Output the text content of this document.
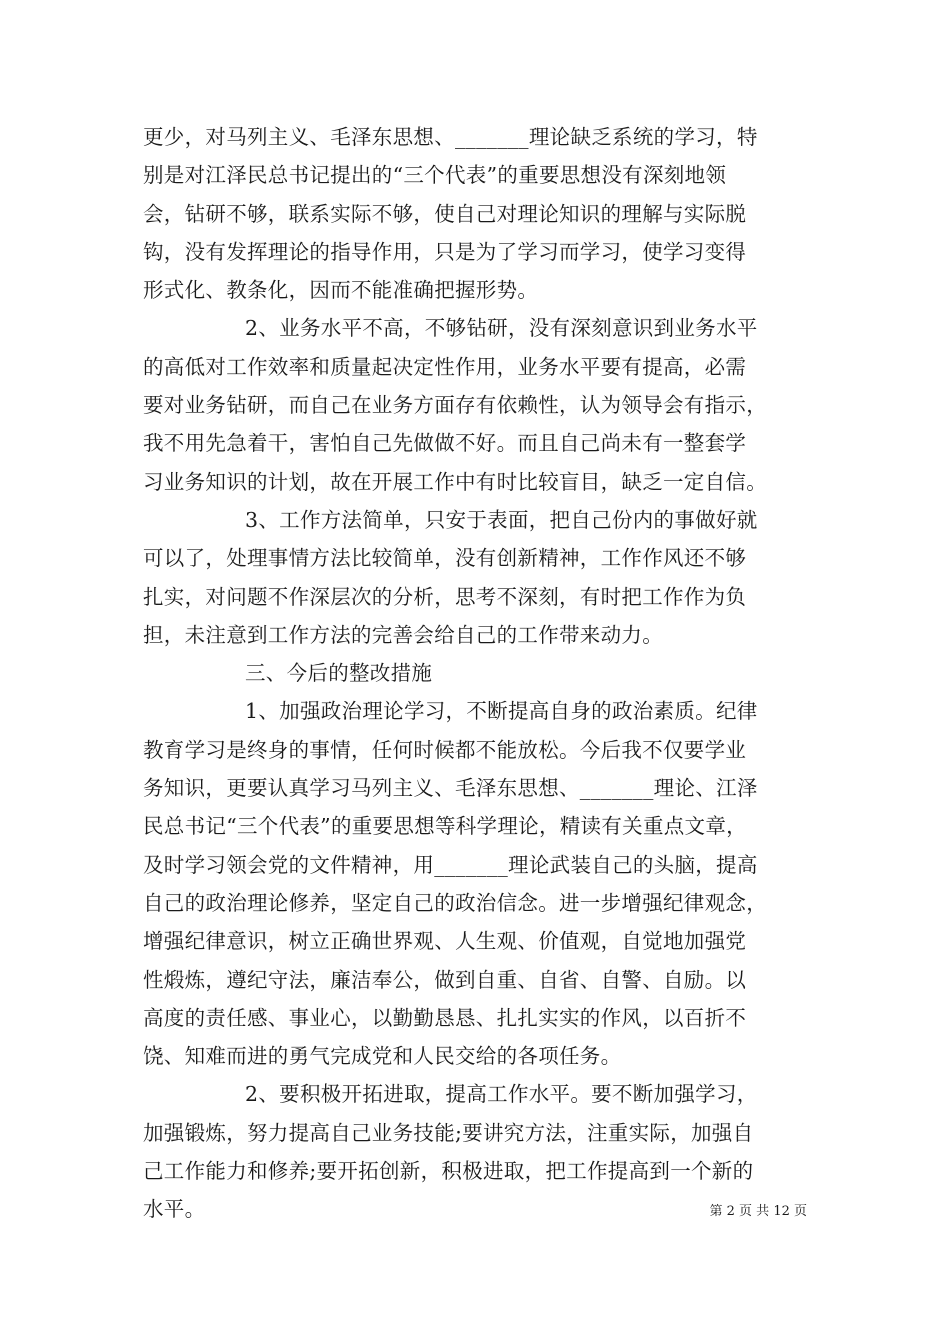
更少，对马列主义、毛泽东思想、_______理论缺乏系统的学习，特
别是对江泽民总书记提出的“三个代表”的重要思想没有深刻地领
会，钻研不够，联系实际不够，使自己对理论知识的理解与实际脱
钩，没有发挥理论的指导作用，只是为了学习而学习，使学习变得
形式化、教条化，因而不能准确把握形势。
2、业务水平不高，不够钻研，没有深刻意识到业务水平
的高低对工作效率和质量起决定性作用，业务水平要有提高，必需
要对业务钻研，而自己在业务方面存有依赖性，认为领导会有指示，
我不用先急着干，害怕自己先做做不好。而且自己尚未有一整套学
习业务知识的计划，故在开展工作中有时比较盲目，缺乏一定自信。
3、工作方法简单，只安于表面，把自己份内的事做好就
可以了，处理事情方法比较简单，没有创新精神，工作作风还不够
扎实，对问题不作深层次的分析，思考不深刻，有时把工作作为负
担，未注意到工作方法的完善会给自己的工作带来动力。
三、今后的整改措施
1、加强政治理论学习，不断提高自身的政治素质。纪律
教育学习是终身的事情，任何时候都不能放松。今后我不仅要学业
务知识，更要认真学习马列主义、毛泽东思想、_______理论、江泽
民总书记“三个代表”的重要思想等科学理论，精读有关重点文章，
及时学习领会党的文件精神，用_______理论武装自己的头脑，提高
自己的政治理论修养，坚定自己的政治信念。进一步增强纪律观念，
增强纪律意识，树立正确世界观、人生观、价值观，自觉地加强党
性煅炼，遵纪守法，廉洁奉公，做到自重、自省、自警、自励。以
高度的责任感、事业心，以勤勤恳恳、扎扎实实的作风，以百折不
饶、知难而进的勇气完成党和人民交给的各项任务。
2、要积极开拓进取，提高工作水平。要不断加强学习，
加强锻炼，努力提高自己业务技能;要讲究方法，注重实际，加强自
己工作能力和修养;要开拓创新，积极进取，把工作提高到一个新的
水平。	第 2 页 共 12 页
